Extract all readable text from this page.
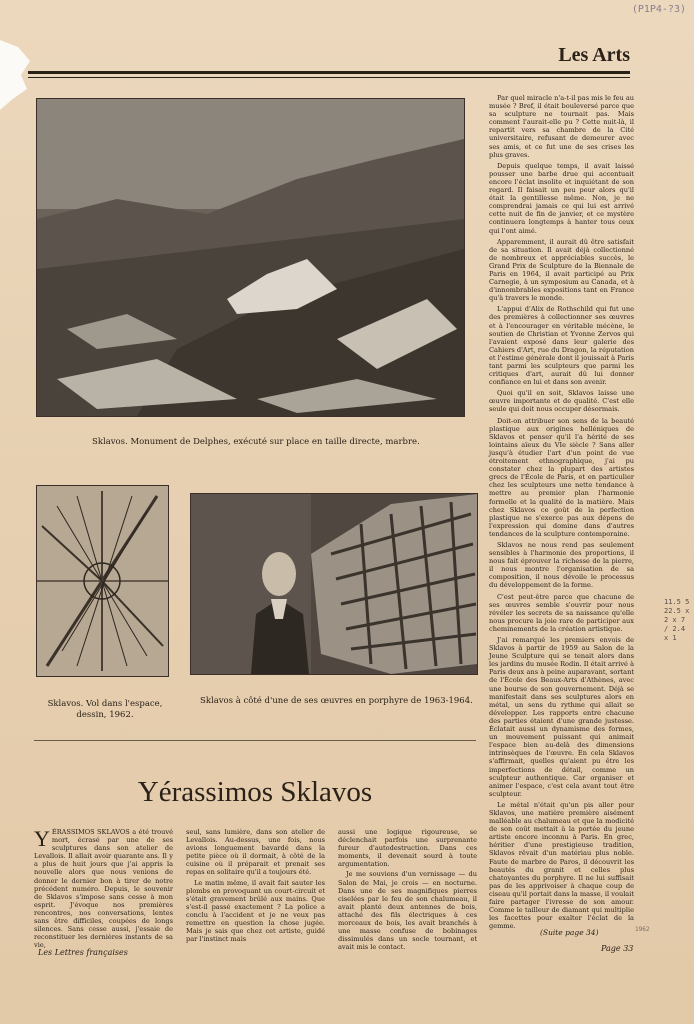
(P1P4-?3)
Les Arts
Sklavos. Monument de Delphes, exécuté sur place en taille directe, marbre.
Sklavos. Vol dans l'espace, dessin, 1962.
Sklavos à côté d'une de ses œuvres en porphyre de 1963-1964.

Par quel miracle n'a-t-il pas mis le feu au musée ? Bref, il était bouleversé parce que sa sculpture ne tournait pas. Mais comment l'aurait-elle pu ? Cette nuit-là, il repartit vers sa chambre de la Cité universitaire, refusant de demeurer avec ses amis, et ce fut une de ses crises les plus graves.

Depuis quelque temps, il avait laissé pousser une barbe drue qui accentuait encore l'éclat insolite et inquiétant de son regard. Il faisait un peu peur alors qu'il était la gentillesse même. Non, je ne comprendrai jamais ce qui lui est arrivé cette nuit de fin de janvier, et ce mystère continuera longtemps à hanter tous ceux qui l'ont aimé.

Apparemment, il aurait dû être satisfait de sa situation. Il avait déjà collectionné de nombreux et appréciables succès, le Grand Prix de Sculpture de la Biennale de Paris en 1964, il avait participé au Prix Carnegie, à un symposium au Canada, et à d'innombrables expositions tant en France qu'à travers le monde.

L'appui d'Alix de Rothschild qui fut une des premières à collectionner ses œuvres et à l'encourager en véritable mécène, le soutien de Christian et Yvonne Zervos qui l'avaient exposé dans leur galerie des Cahiers d'Art, rue du Dragon, la réputation et l'estime générale dont il jouissait à Paris tant parmi les sculpteurs que parmi les critiques d'art, aurait dû lui donner confiance en lui et dans son avenir.

Quoi qu'il en soit, Sklavos laisse une œuvre importante et de qualité. C'est elle seule qui doit nous occuper désormais.

Doit-on attribuer son sens de la beauté plastique aux origines helléniques de Sklavos et penser qu'il l'a hérité de ses lointains aïeux du VIe siècle ? Sans aller jusqu'à étudier l'art d'un point de vue étroitement ethnographique, j'ai pu constater chez la plupart des artistes grecs de l'École de Paris, et en particulier chez les sculpteurs une nette tendance à mettre au premier plan l'harmonie formelle et la qualité de la matière. Mais chez Sklavos ce goût de la perfection plastique ne s'exerce pas aux dépens de l'expression qui domine dans d'autres tendances de la sculpture contemporaine.

Sklavos ne nous rend pas seulement sensibles à l'harmonie des proportions, il nous fait éprouver la richesse de la pierre, il nous montre l'organisation de sa composition, il nous dévoile le processus du développement de la forme.

C'est peut-être parce que chacune de ses œuvres semble s'ouvrir pour nous révéler les secrets de sa naissance qu'elle nous procure la joie rare de participer aux cheminements de la création artistique.

J'ai remarqué les premiers envois de Sklavos à partir de 1959 au Salon de la Jeune Sculpture qui se tenait alors dans les jardins du musée Rodin. Il était arrivé à Paris deux ans à peine auparavant, sortant de l'École des Beaux-Arts d'Athènes, avec une bourse de son gouvernement. Déjà se manifestait dans ses sculptures alors en métal, un sens du rythme qui allait se développer. Les rapports entre chacune des parties étaient d'une grande justesse. Éclatait aussi un dynamisme des formes, un mouvement puissant qui animait l'espace bien au-delà des dimensions intrinsèques de l'œuvre. En cela Sklavos s'affirmait, quelles qu'aient pu être les imperfections de détail, comme un sculpteur authentique. Car organiser et animer l'espace, c'est cela avant tout être sculpteur.

Le métal n'était qu'un pis aller pour Sklavos, une matière première aisément malléable au chalumeau et que la modicité de son coût mettait à la portée du jeune artiste encore inconnu à Paris. En grec, héritier d'une prestigieuse tradition, Sklavos rêvait d'un matériau plus noble. Faute de marbre de Paros, il découvrit les beautés du granit et celles plus chatoyantes du porphyre. Il ne lui suffisait pas de les apprivoiser à chaque coup de ciseau qu'il portait dans la masse, il voulait faire partager l'ivresse de son amour. Comme le tailleur de diamant qui multiplie les facettes pour exalter l'éclat de la gemme.

Yérassimos Sklavos

YÉRASSIMOS SKLAVOS a été trouvé mort, écrasé par une de ses sculptures dans son atelier de Levallois. Il allait avoir quarante ans. Il y a plus de huit jours que j'ai appris la nouvelle alors que nous venions de donner le dernier bon à tirer de notre précédent numéro. Depuis, le souvenir de Sklavos s'impose sans cesse à mon esprit. J'évoque nos premières rencontres, nos conversations, lentes sans être difficiles, coupées de longs silences. Sans cesse aussi, j'essaie de reconstituer les dernières instants de sa vie,

seul, sans lumière, dans son atelier de Levallois. Au-dessus, une fois, nous avions longuement bavardé dans la petite pièce où il dormait, à côté de la cuisine où il préparait et prenait ses repas en solitaire qu'il a toujours été.

Le matin même, il avait fait sauter les plombs en provoquant un court-circuit et s'était gravement brûlé aux mains. Que s'est-il passé exactement ? La police a conclu à l'accident et je ne veux pas remettre en question la chose jugée. Mais je sais que chez cet artiste, guidé par l'instinct mais

aussi une logique rigoureuse, se déclenchait parfois une surprenante fureur d'autodestruction. Dans ces moments, il devenait sourd à toute argumentation.

Je me souviens d'un vernissage — du Salon de Mai, je crois — en nocturne. Dans une de ses magnifiques pierres ciselées par le feu de son chalumeau, il avait planté deux antennes de bois, attaché des fils électriques à ces morceaux de bois, les avait branchés à une masse confuse de bobinages dissimulés dans un socle tournant, et avait mis le contact.

(Suite page 34)
Les Lettres françaises	Page 33
11.5 5 22.5 x 2 x 7 / 2.4 x 1
1962
